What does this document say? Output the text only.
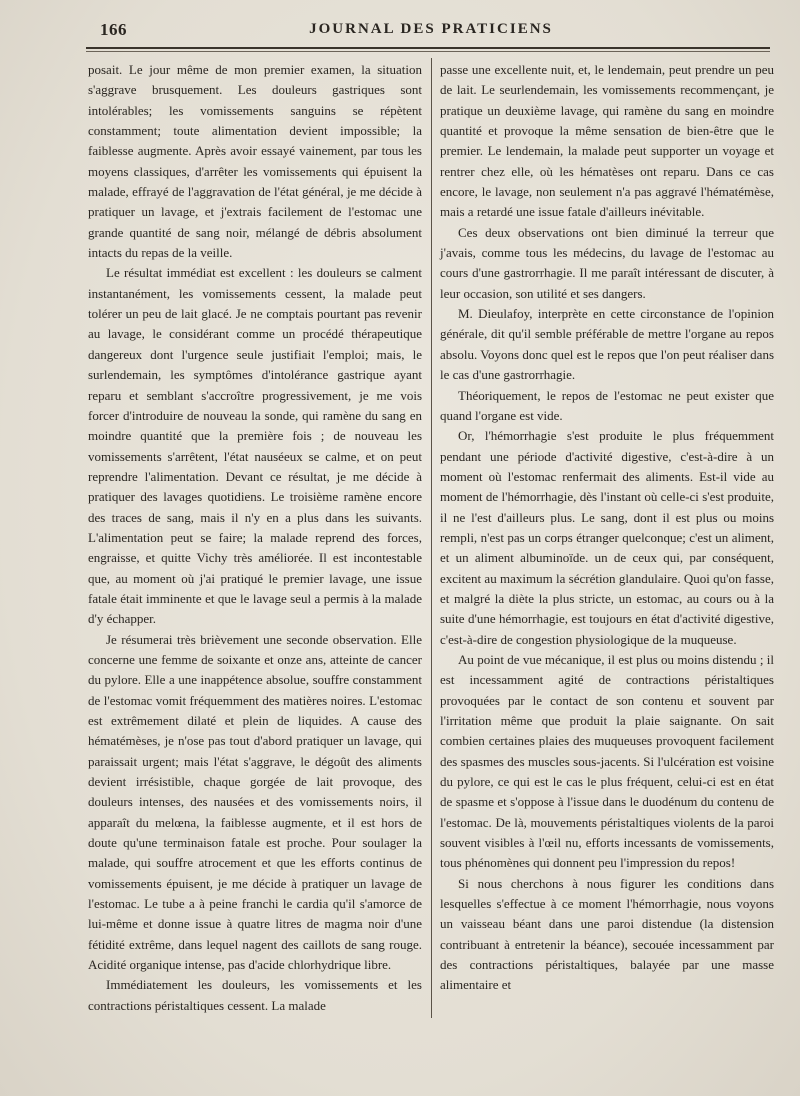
166	JOURNAL DES PRATICIENS

posait. Le jour même de mon premier examen, la situation s'aggrave brusquement. Les douleurs gastriques sont intolérables; les vomissements sanguins se répètent constamment; toute alimentation devient impossible; la faiblesse augmente. Après avoir essayé vainement, par tous les moyens classiques, d'arrêter les vomissements qui épuisent la malade, effrayé de l'aggravation de l'état général, je me décide à pratiquer un lavage, et j'extrais facilement de l'estomac une grande quantité de sang noir, mélangé de débris absolument intacts du repas de la veille.

Le résultat immédiat est excellent : les douleurs se calment instantanément, les vomissements cessent, la malade peut tolérer un peu de lait glacé. Je ne comptais pourtant pas revenir au lavage, le considérant comme un procédé thérapeutique dangereux dont l'urgence seule justifiait l'emploi; mais, le surlendemain, les symptômes d'intolérance gastrique ayant reparu et semblant s'accroître progressivement, je me vois forcer d'introduire de nouveau la sonde, qui ramène du sang en moindre quantité que la première fois ; de nouveau les vomissements s'arrêtent, l'état nauséeux se calme, et on peut reprendre l'alimentation. Devant ce résultat, je me décide à pratiquer des lavages quotidiens. Le troisième ramène encore des traces de sang, mais il n'y en a plus dans les suivants. L'alimentation peut se faire; la malade reprend des forces, engraisse, et quitte Vichy très améliorée. Il est incontestable que, au moment où j'ai pratiqué le premier lavage, une issue fatale était imminente et que le lavage seul a permis à la malade d'y échapper.

Je résumerai très brièvement une seconde observation. Elle concerne une femme de soixante et onze ans, atteinte de cancer du pylore. Elle a une inappétence absolue, souffre constamment de l'estomac vomit fréquemment des matières noires. L'estomac est extrêmement dilaté et plein de liquides. A cause des hématémèses, je n'ose pas tout d'abord pratiquer un lavage, qui paraissait urgent; mais l'état s'aggrave, le dégoût des aliments devient irrésistible, chaque gorgée de lait provoque, des douleurs intenses, des nausées et des vomissements noirs, il apparaît du melœna, la faiblesse augmente, et il est hors de doute qu'une terminaison fatale est proche. Pour soulager la malade, qui souffre atrocement et que les efforts continus de vomissements épuisent, je me décide à pratiquer un lavage de l'estomac. Le tube a à peine franchi le cardia qu'il s'amorce de lui-même et donne issue à quatre litres de magma noir d'une fétidité extrême, dans lequel nagent des caillots de sang rouge. Acidité organique intense, pas d'acide chlorhydrique libre.

Immédiatement les douleurs, les vomissements et les contractions péristaltiques cessent. La malade

passe une excellente nuit, et, le lendemain, peut prendre un peu de lait. Le seurlendemain, les vomissements recommençant, je pratique un deuxième lavage, qui ramène du sang en moindre quantité et provoque la même sensation de bien-être que le premier. Le lendemain, la malade peut supporter un voyage et rentrer chez elle, où les hématèses ont reparu. Dans ce cas encore, le lavage, non seulement n'a pas aggravé l'hématémèse, mais a retardé une issue fatale d'ailleurs inévitable.

Ces deux observations ont bien diminué la terreur que j'avais, comme tous les médecins, du lavage de l'estomac au cours d'une gastrorrhagie. Il me paraît intéressant de discuter, à leur occasion, son utilité et ses dangers.

M. Dieulafoy, interprète en cette circonstance de l'opinion générale, dit qu'il semble préférable de mettre l'organe au repos absolu. Voyons donc quel est le repos que l'on peut réaliser dans le cas d'une gastrorrhagie.

Théoriquement, le repos de l'estomac ne peut exister que quand l'organe est vide.

Or, l'hémorrhagie s'est produite le plus fréquemment pendant une période d'activité digestive, c'est-à-dire à un moment où l'estomac renfermait des aliments. Est-il vide au moment de l'hémorrhagie, dès l'instant où celle-ci s'est produite, il ne l'est d'ailleurs plus. Le sang, dont il est plus ou moins rempli, n'est pas un corps étranger quelconque; c'est un aliment, et un aliment albuminoïde. un de ceux qui, par conséquent, excitent au maximum la sécrétion glandulaire. Quoi qu'on fasse, et malgré la diète la plus stricte, un estomac, au cours ou à la suite d'une hémorrhagie, est toujours en état d'activité digestive, c'est-à-dire de congestion physiologique de la muqueuse.

Au point de vue mécanique, il est plus ou moins distendu ; il est incessamment agité de contractions péristaltiques provoquées par le contact de son contenu et souvent par l'irritation même que produit la plaie saignante. On sait combien certaines plaies des muqueuses provoquent facilement des spasmes des muscles sous-jacents. Si l'ulcération est voisine du pylore, ce qui est le cas le plus fréquent, celui-ci est en état de spasme et s'oppose à l'issue dans le duodénum du contenu de l'estomac. De là, mouvements péristaltiques violents de la paroi souvent visibles à l'œil nu, efforts incessants de vomissements, tous phénomènes qui donnent peu l'impression du repos!

Si nous cherchons à nous figurer les conditions dans lesquelles s'effectue à ce moment l'hémorrhagie, nous voyons un vaisseau béant dans une paroi distendue (la distension contribuant à entretenir la béance), secouée incessamment par des contractions péristaltiques, balayée par une masse alimentaire et
